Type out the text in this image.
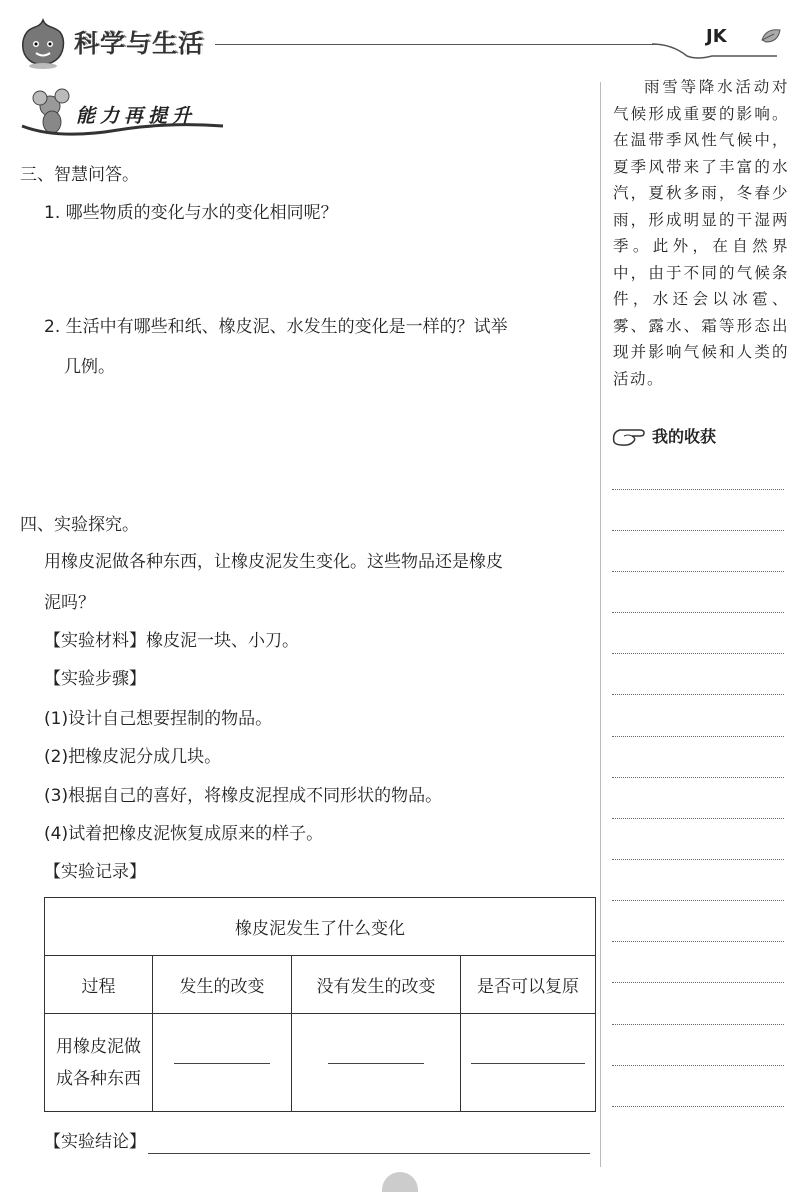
科学与生活	JK
能力再提升
三、智慧问答。
1. 哪些物质的变化与水的变化相同呢？
2. 生活中有哪些和纸、橡皮泥、水发生的变化是一样的？试举
几例。
四、实验探究。
用橡皮泥做各种东西，让橡皮泥发生变化。这些物品还是橡皮
泥吗？
【实验材料】橡皮泥一块、小刀。
【实验步骤】
(1)设计自己想要捏制的物品。
(2)把橡皮泥分成几块。
(3)根据自己的喜好，将橡皮泥捏成不同形状的物品。
(4)试着把橡皮泥恢复成原来的样子。
【实验记录】
橡皮泥发生了什么变化			
过程	发生的改变	没有发生的改变	是否可以复原

用橡皮泥做
成各种东西			

【实验结论】

雨雪等降水活动对气候形成重要的影响。在温带季风性气候中，夏季风带来了丰富的水汽，夏秋多雨，冬春少雨，形成明显的干湿两季。此外，在自然界中，由于不同的气候条件，水还会以冰雹、雾、露水、霜等形态出现并影响气候和人类的活动。

我的收获
